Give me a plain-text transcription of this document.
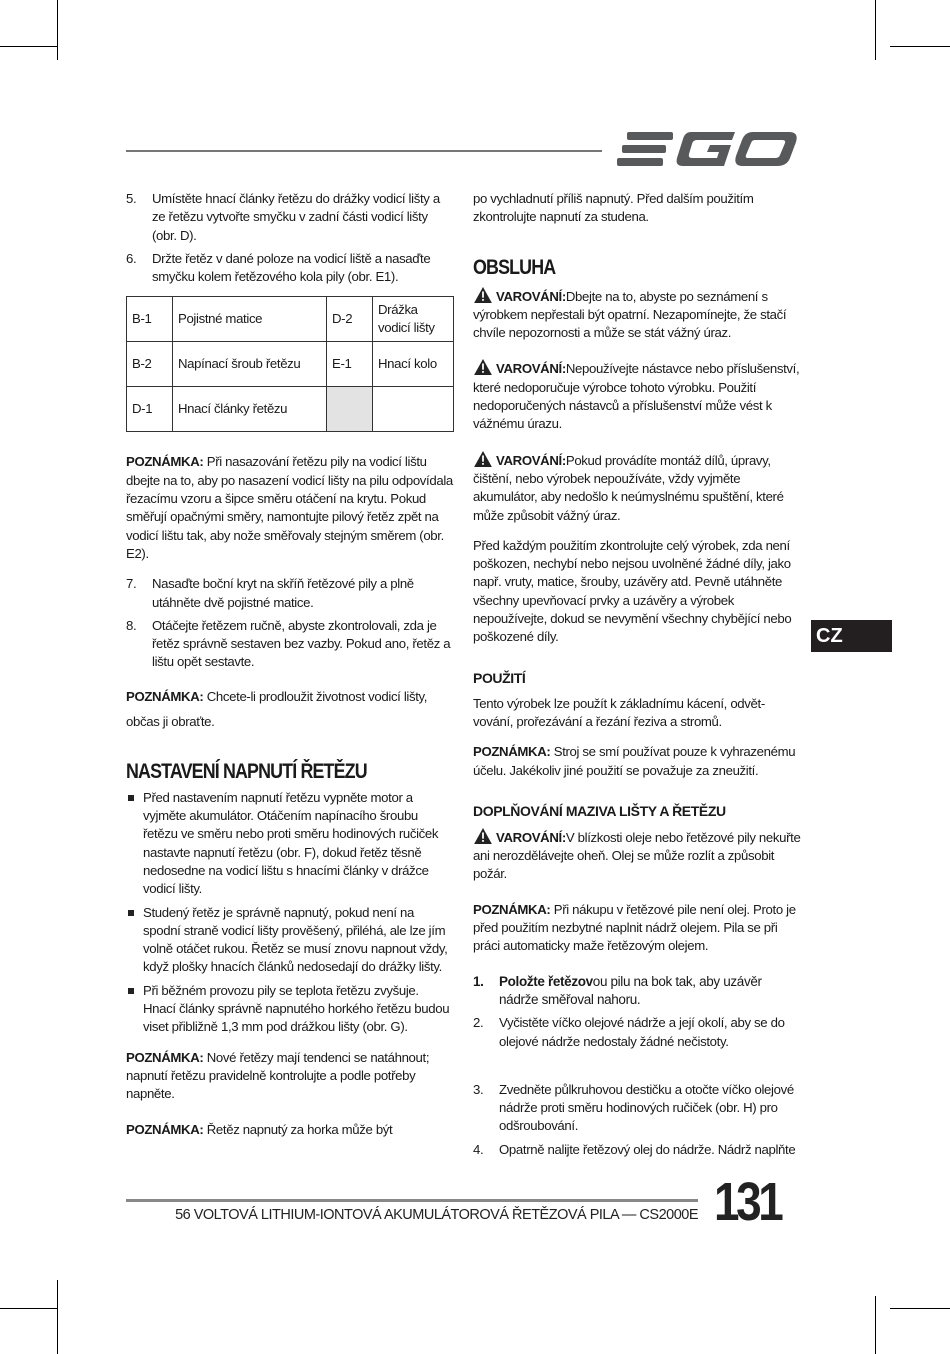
5. Umístěte hnací články řetězu do drážky vodicí lišty a ze řetězu vytvořte smyčku v zadní části vodicí lišty (obr. D).

6. Držte řetěz v dané poloze na vodicí liště a nasaďte smyčku kolem řetězového kola pily (obr. E1).

B-1	Pojistné matice	D-2	Drážka vodicí lišty
B-2	Napínací šroub řetězu	E-1	Hnací kolo
D-1	Hnací články řetězu		

POZNÁMKA: Při nasazování řetězu pily na vodicí lištu dbejte na to, aby po nasazení vodicí lišty na pilu odpovídala řezacímu vzoru a šipce směru otáčení na krytu. Pokud směřují opačnými směry, namontujte pilový řetěz zpět na vodicí lištu tak, aby nože směřovaly stejným směrem (obr. E2).

7. Nasaďte boční kryt na skříň řetězové pily a plně utáhněte dvě pojistné matice.

8. Otáčejte řetězem ručně, abyste zkontrolovali, zda je řetěz správně sestaven bez vazby. Pokud ano, řetěz a lištu opět sestavte.

POZNÁMKA: Chcete-li prodloužit životnost vodicí lišty, občas ji obraťte.

NASTAVENÍ NAPNUTÍ ŘETĚZU

Před nastavením napnutí řetězu vypněte motor a vyjměte akumulátor. Otáčením napínacího šroubu řetězu ve směru nebo proti směru hodinových ručiček nastavte napnutí řetězu (obr. F), dokud řetěz těsně nedosedne na vodicí lištu s hnacími články v drážce vodicí lišty.

Studený řetěz je správně napnutý, pokud není na spodní straně vodicí lišty prověšený, přiléhá, ale lze jím volně otáčet rukou. Řetěz se musí znovu napnout vždy, když plošky hnacích článků nedosedají do drážky lišty.

Při běžném provozu pily se teplota řetězu zvyšuje. Hnací články správně napnutého horkého řetězu budou viset přibližně 1,3 mm pod drážkou lišty (obr. G).

POZNÁMKA: Nové řetězy mají tendenci se natáhnout; napnutí řetězu pravidelně kontrolujte a podle potřeby napněte.

POZNÁMKA: Řetěz napnutý za horka může být

po vychladnutí příliš napnutý. Před dalším použitím zkontrolujte napnutí za studena.

OBSLUHA

VAROVÁNÍ:Dbejte na to, abyste po seznámení s výrobkem nepřestali být opatrní. Nezapomínejte, že stačí chvíle nepozornosti a může se stát vážný úraz.

VAROVÁNÍ:Nepoužívejte nástavce nebo příslušenství, které nedoporučuje výrobce tohoto výrobku. Použití nedoporučených nástavců a příslušenství může vést k vážnému úrazu.

VAROVÁNÍ:Pokud provádíte montáž dílů, úpravy, čištění, nebo výrobek nepoužíváte, vždy vyjměte akumulátor, aby nedošlo k neúmyslnému spuštění, které může způsobit vážný úraz.

Před každým použitím zkontrolujte celý výrobek, zda není poškozen, nechybí nebo nejsou uvolněné žádné díly, jako např. vruty, matice, šrouby, uzávěry atd. Pevně utáhněte všechny upevňovací prvky a uzávěry a výrobek nepoužívejte, dokud se nevymění všechny chybějící nebo poškozené díly.

POUŽITÍ

Tento výrobek lze použít k základnímu kácení, odvět-vování, prořezávání a řezání řeziva a stromů.

POZNÁMKA: Stroj se smí používat pouze k vyhrazenému účelu. Jakékoliv jiné použití se považuje za zneužití.

DOPLŇOVÁNÍ MAZIVA LIŠTY A ŘETĚZU

VAROVÁNÍ:V blízkosti oleje nebo řetězové pily nekuřte ani nerozdělávejte oheň. Olej se může rozlít a způsobit požár.

POZNÁMKA: Při nákupu v řetězové pile není olej. Proto je před použitím nezbytné naplnit nádrž olejem. Pila se při práci automaticky maže řetězovým olejem.

1. Položte řetězovou pilu na bok tak, aby uzávěr nádrže směřoval nahoru.

2. Vyčistěte víčko olejové nádrže a její okolí, aby se do olejové nádrže nedostaly žádné nečistoty.

3. Zvedněte půlkruhovou destičku a otočte víčko olejové nádrže proti směru hodinových ručiček (obr. H) pro odšroubování.

4. Opatrně nalijte řetězový olej do nádrže. Nádrž naplňte

CZ
56 VOLTOVÁ LITHIUM-IONTOVÁ AKUMULÁTOROVÁ ŘETĚZOVÁ PILA — CS2000E 131
